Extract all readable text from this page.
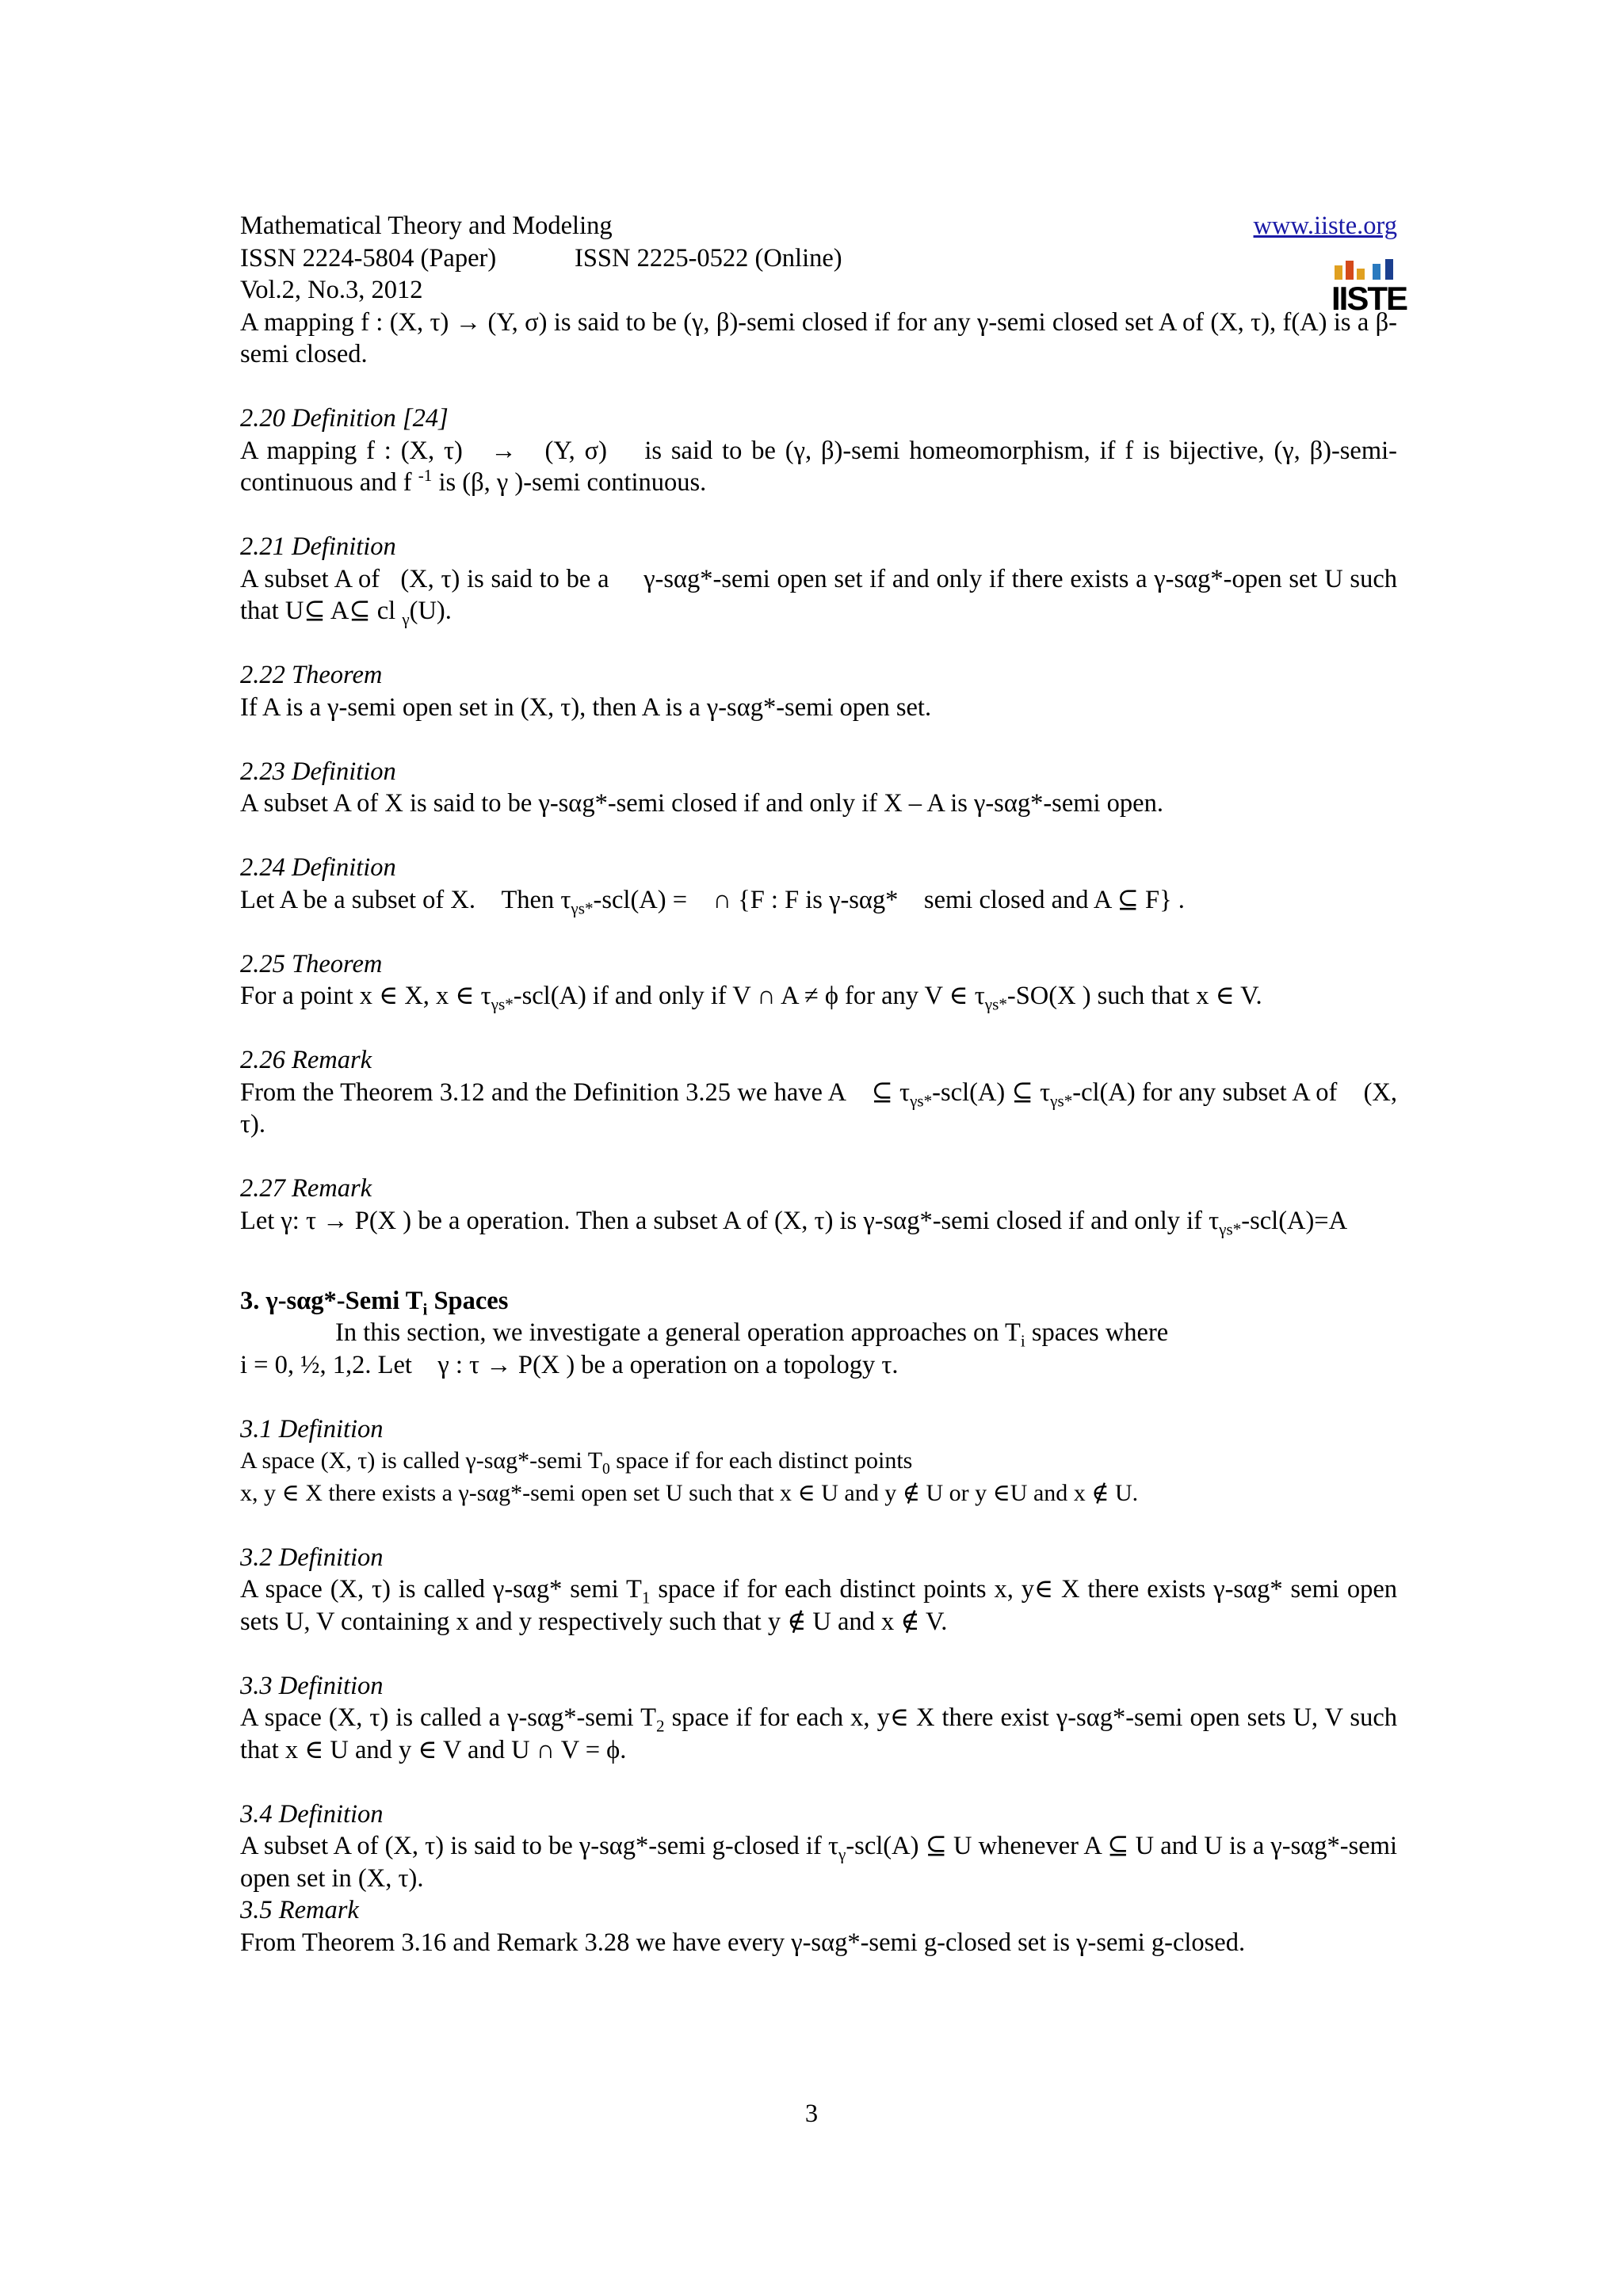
IISTE
Mathematical Theory and Modeling	www.iiste.org
ISSN 2224-5804 (Paper)	ISSN 2225-0522 (Online)
Vol.2, No.3, 2012

A mapping f : (X, τ) → (Y, σ) is said to be (γ, β)-semi closed if for any γ-semi closed set A of (X, τ), f(A) is a β-semi closed.

2.20 Definition [24]

A mapping f : (X, τ)   →   (Y, σ)    is said to be (γ, β)-semi homeomorphism, if f is bijective, (γ, β)-semi-continuous and f $^{-1}$ is (β, γ )-semi continuous.

2.21 Definition

A subset A of   (X, τ) is said to be a     γ-sαg*-semi open set if and only if there exists a γ-sαg*-open set U such that U⊆ A⊆ cl $_\gamma$(U).

2.22 Theorem

If A is a γ-semi open set in (X, τ), then A is a γ-sαg*-semi open set.

2.23 Definition

A subset A of X is said to be γ-sαg*-semi closed if and only if X – A is γ-sαg*-semi open.

2.24 Definition

Let A be a subset of X.    Then $\tau_{\gamma s*}-scl(A)$ =    ∩ {F : F is γ-sαg*    semi closed and A ⊆ F} .

2.25 Theorem

For a point x ∈ X, x ∈ $\tau_{\gamma s*}-scl(A)$ if and only if V ∩ A ≠ ϕ for any V ∈ $\tau_{\gamma s*}-SO(X$ ) such that x ∈ V.

2.26 Remark

From the Theorem 3.12 and the Definition 3.25 we have A    ⊆ $\tau_{\gamma s*}-scl(A)$ ⊆ $\tau_{\gamma s*}-cl(A)$ for any subset A of    (X, τ).

2.27 Remark

Let γ: τ → P(X ) be a operation. Then a subset A of (X, τ) is γ-sαg*-semi closed if and only if $\tau_{\gamma s*}-scl(A)=A$

3. γ-sαg*-Semi $T_i$ Spaces

In this section, we investigate a general operation approaches on $T_i$ spaces where

i = 0, ½, 1,2. Let    γ : τ → P(X ) be a operation on a topology τ.

3.1 Definition

A space (X, τ) is called γ-sαg*-semi $T_0$ space if for each distinct points

x, y ∈ X there exists a γ-sαg*-semi open set U such that x ∈ U and y ∉ U or y ∈U and x ∉ U.

3.2 Definition

A space (X, τ) is called γ-sαg* semi $T_1$ space if for each distinct points x, y∈ X there exists γ-sαg* semi open sets U, V containing x and y respectively such that y ∉ U and x ∉ V.

3.3 Definition

A space (X, τ) is called a γ-sαg*-semi $T_2$ space if for each x, y∈ X there exist γ-sαg*-semi open sets U, V such that x ∈ U and y ∈ V and U ∩ V = ϕ.

3.4 Definition

A subset A of (X, τ) is said to be γ-sαg*-semi g-closed if $\tau_\gamma-scl(A)$ ⊆ U whenever A ⊆ U and U is a γ-sαg*-semi open set in (X, τ).

3.5 Remark

From Theorem 3.16 and Remark 3.28 we have every γ-sαg*-semi g-closed set is γ-semi g-closed.

3
